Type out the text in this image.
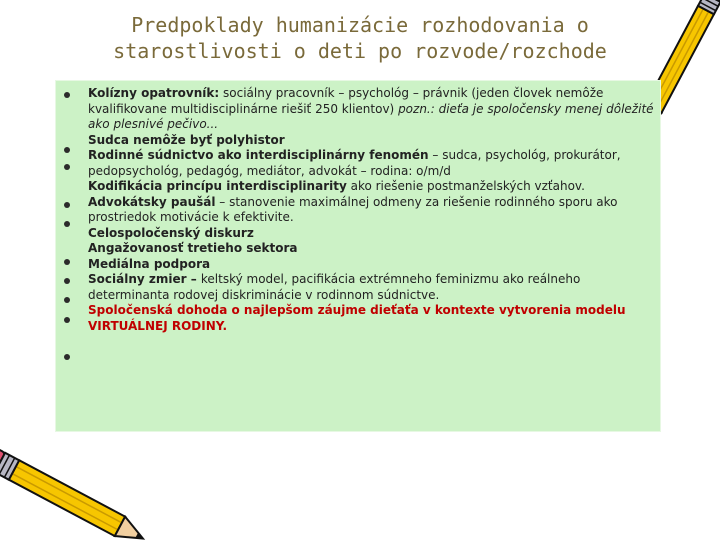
Predpoklady humanizácie rozhodovania o
starostlivosti o deti po rozvode/rozchode

Kolízny opatrovník: sociálny pracovník – psychológ – právnik (jeden človek nemôže kvalifikovane multidisciplinárne riešiť 250 klientov) pozn.: dieťa je spoločensky menej dôležité ako plesnivé pečivo...

Sudca nemôže byť polyhistor

Rodinné súdnictvo ako interdisciplinárny fenomén – sudca, psychológ, prokurátor, pedopsychológ, pedagóg, mediátor, advokát – rodina: o/m/d

Kodifikácia princípu interdisciplinarity ako riešenie postmanželských vzťahov.

Advokátsky paušál – stanovenie maximálnej odmeny za riešenie rodinného sporu ako prostriedok motivácie k efektivite.

Celospoločenský diskurz

Angažovanosť tretieho sektora

Mediálna podpora

Sociálny zmier – keltský model, pacifikácia extrémneho feminizmu ako reálneho determinanta rodovej diskriminácie v rodinnom súdnictve.

Spoločenská dohoda o najlepšom záujme dieťaťa v kontexte vytvorenia modelu VIRTUÁLNEJ RODINY.
